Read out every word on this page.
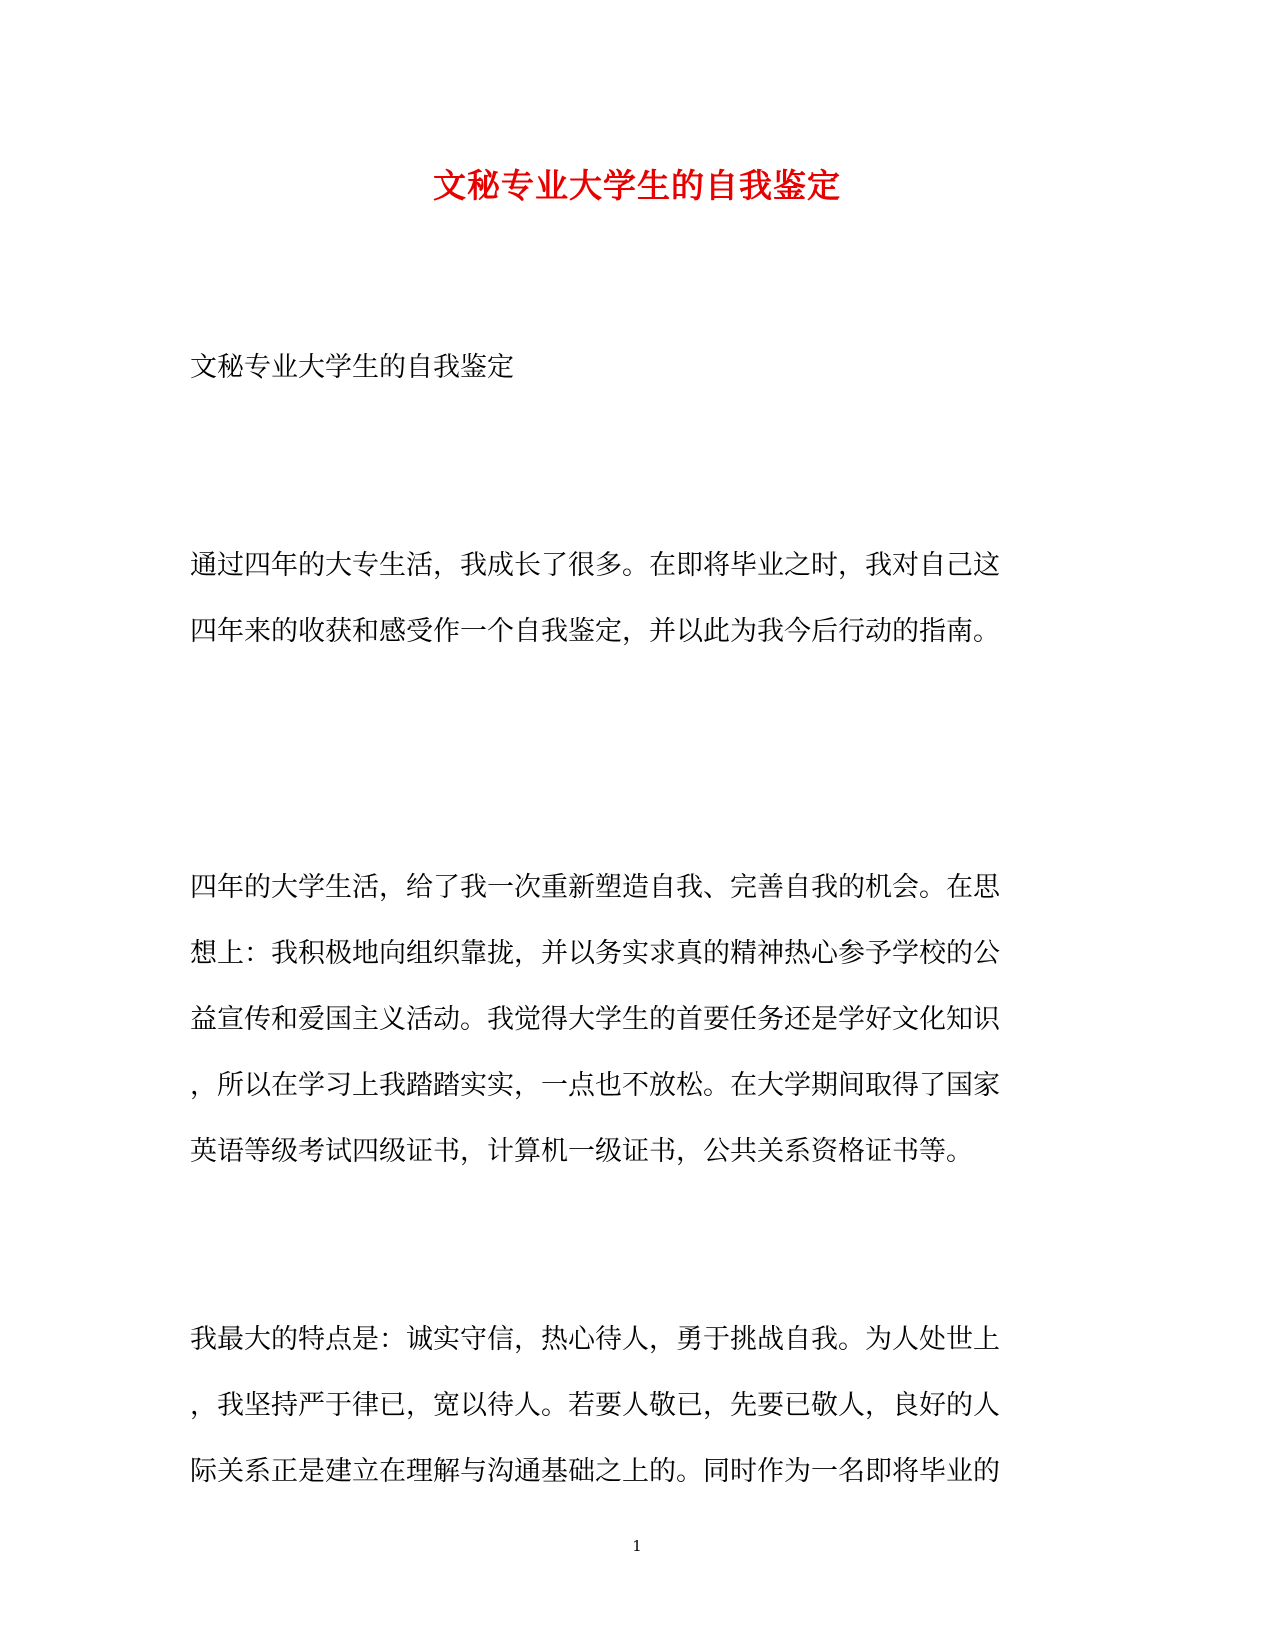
文秘专业大学生的自我鉴定
文秘专业大学生的自我鉴定
通过四年的大专生活，我成长了很多。在即将毕业之时，我对自己这
四年来的收获和感受作一个自我鉴定，并以此为我今后行动的指南。
四年的大学生活，给了我一次重新塑造自我、完善自我的机会。在思
想上：我积极地向组织靠拢，并以务实求真的精神热心参予学校的公
益宣传和爱国主义活动。我觉得大学生的首要任务还是学好文化知识
，所以在学习上我踏踏实实，一点也不放松。在大学期间取得了国家
英语等级考试四级证书，计算机一级证书，公共关系资格证书等。
我最大的特点是：诚实守信，热心待人，勇于挑战自我。为人处世上
，我坚持严于律已，宽以待人。若要人敬已，先要已敬人，良好的人
际关系正是建立在理解与沟通基础之上的。同时作为一名即将毕业的
1
